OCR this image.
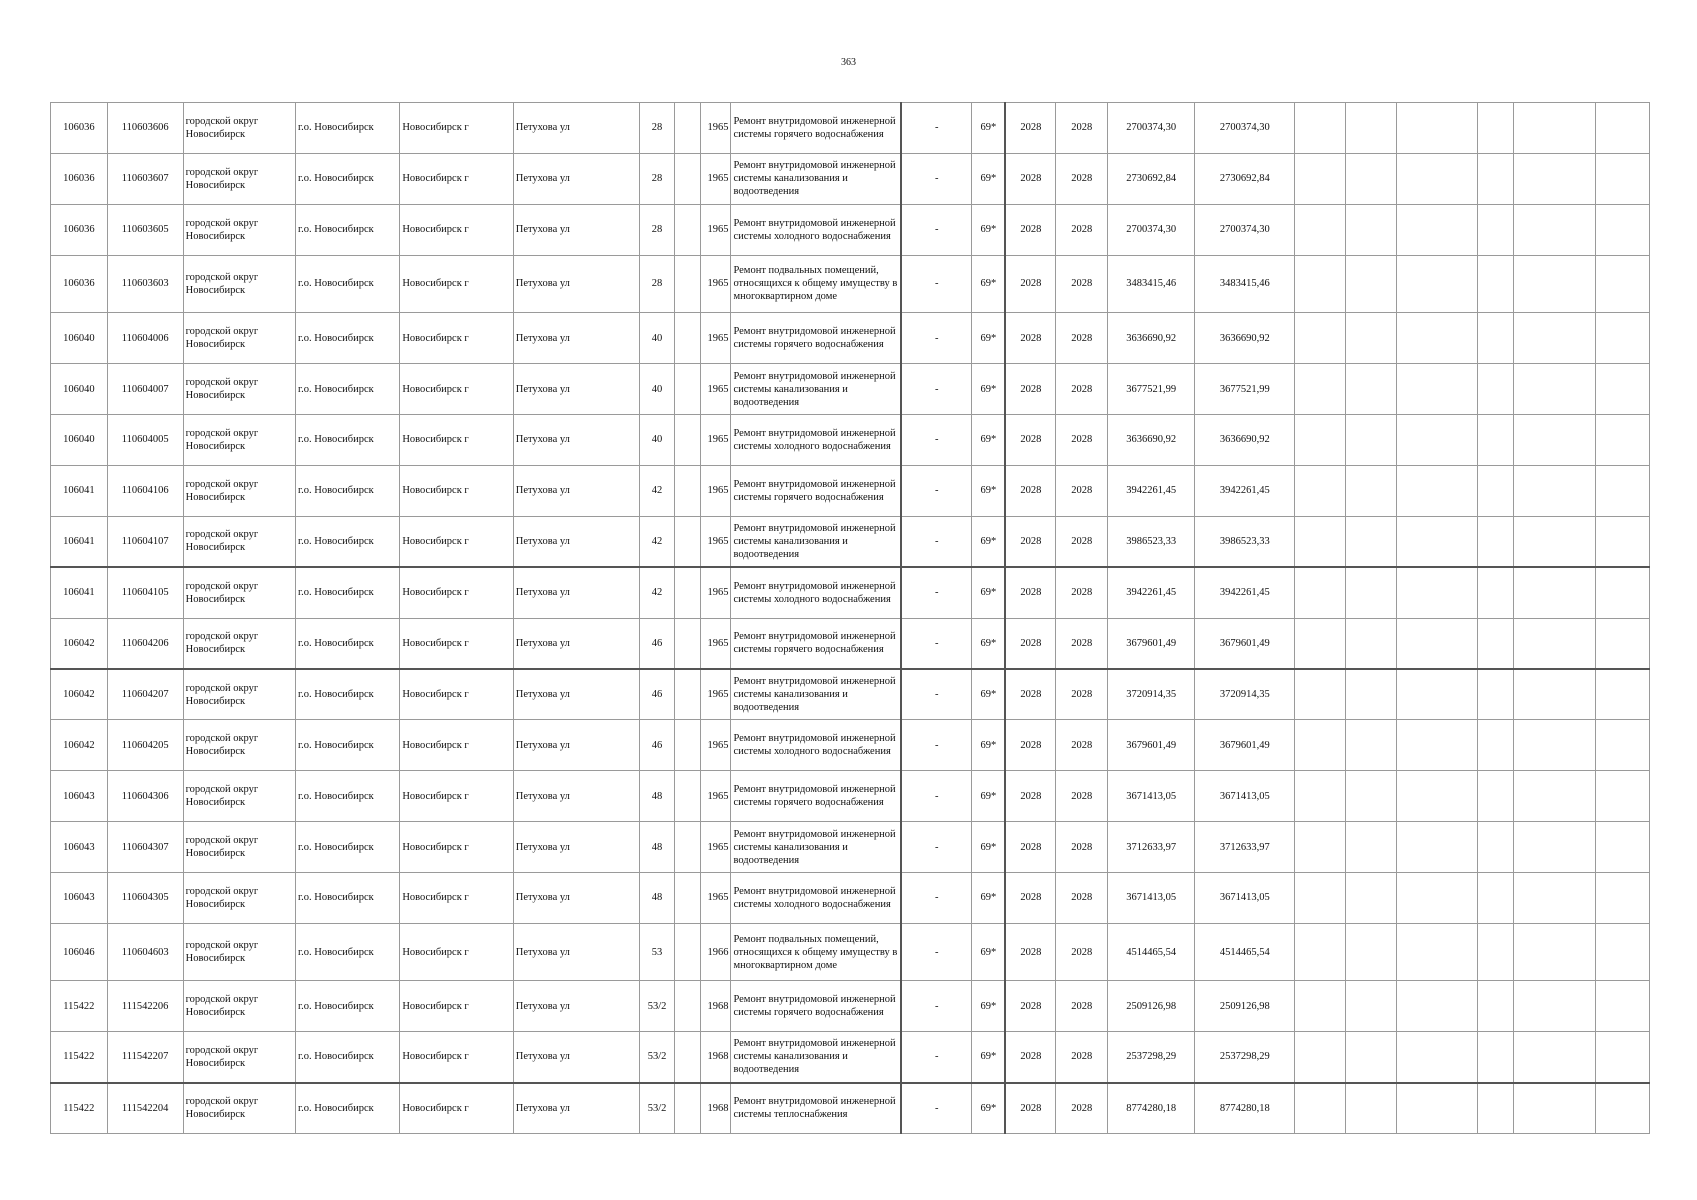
363
106036	110603606	городской округ Новосибирск	г.о. Новосибирск	Новосибирск г	Петухова ул	28		1965	Ремонт внутридомовой инженерной системы горячего водоснабжения	-	69*	2028	2028	2700374,30	2700374,30						
106036	110603607	городской округ Новосибирск	г.о. Новосибирск	Новосибирск г	Петухова ул	28		1965	Ремонт внутридомовой инженерной системы канализования и водоотведения	-	69*	2028	2028	2730692,84	2730692,84						
106036	110603605	городской округ Новосибирск	г.о. Новосибирск	Новосибирск г	Петухова ул	28		1965	Ремонт внутридомовой инженерной системы холодного водоснабжения	-	69*	2028	2028	2700374,30	2700374,30						
106036	110603603	городской округ Новосибирск	г.о. Новосибирск	Новосибирск г	Петухова ул	28		1965	Ремонт подвальных помещений, относящихся к общему имуществу в многоквартирном доме	-	69*	2028	2028	3483415,46	3483415,46						
106040	110604006	городской округ Новосибирск	г.о. Новосибирск	Новосибирск г	Петухова ул	40		1965	Ремонт внутридомовой инженерной системы горячего водоснабжения	-	69*	2028	2028	3636690,92	3636690,92						
106040	110604007	городской округ Новосибирск	г.о. Новосибирск	Новосибирск г	Петухова ул	40		1965	Ремонт внутридомовой инженерной системы канализования и водоотведения	-	69*	2028	2028	3677521,99	3677521,99						
106040	110604005	городской округ Новосибирск	г.о. Новосибирск	Новосибирск г	Петухова ул	40		1965	Ремонт внутридомовой инженерной системы холодного водоснабжения	-	69*	2028	2028	3636690,92	3636690,92						
106041	110604106	городской округ Новосибирск	г.о. Новосибирск	Новосибирск г	Петухова ул	42		1965	Ремонт внутридомовой инженерной системы горячего водоснабжения	-	69*	2028	2028	3942261,45	3942261,45						
106041	110604107	городской округ Новосибирск	г.о. Новосибирск	Новосибирск г	Петухова ул	42		1965	Ремонт внутридомовой инженерной системы канализования и водоотведения	-	69*	2028	2028	3986523,33	3986523,33						
106041	110604105	городской округ Новосибирск	г.о. Новосибирск	Новосибирск г	Петухова ул	42		1965	Ремонт внутридомовой инженерной системы холодного водоснабжения	-	69*	2028	2028	3942261,45	3942261,45						
106042	110604206	городской округ Новосибирск	г.о. Новосибирск	Новосибирск г	Петухова ул	46		1965	Ремонт внутридомовой инженерной системы горячего водоснабжения	-	69*	2028	2028	3679601,49	3679601,49						
106042	110604207	городской округ Новосибирск	г.о. Новосибирск	Новосибирск г	Петухова ул	46		1965	Ремонт внутридомовой инженерной системы канализования и водоотведения	-	69*	2028	2028	3720914,35	3720914,35						
106042	110604205	городской округ Новосибирск	г.о. Новосибирск	Новосибирск г	Петухова ул	46		1965	Ремонт внутридомовой инженерной системы холодного водоснабжения	-	69*	2028	2028	3679601,49	3679601,49						
106043	110604306	городской округ Новосибирск	г.о. Новосибирск	Новосибирск г	Петухова ул	48		1965	Ремонт внутридомовой инженерной системы горячего водоснабжения	-	69*	2028	2028	3671413,05	3671413,05						
106043	110604307	городской округ Новосибирск	г.о. Новосибирск	Новосибирск г	Петухова ул	48		1965	Ремонт внутридомовой инженерной системы канализования и водоотведения	-	69*	2028	2028	3712633,97	3712633,97						
106043	110604305	городской округ Новосибирск	г.о. Новосибирск	Новосибирск г	Петухова ул	48		1965	Ремонт внутридомовой инженерной системы холодного водоснабжения	-	69*	2028	2028	3671413,05	3671413,05						
106046	110604603	городской округ Новосибирск	г.о. Новосибирск	Новосибирск г	Петухова ул	53		1966	Ремонт подвальных помещений, относящихся к общему имуществу в многоквартирном доме	-	69*	2028	2028	4514465,54	4514465,54						
115422	111542206	городской округ Новосибирск	г.о. Новосибирск	Новосибирск г	Петухова ул	53/2		1968	Ремонт внутридомовой инженерной системы горячего водоснабжения	-	69*	2028	2028	2509126,98	2509126,98						
115422	111542207	городской округ Новосибирск	г.о. Новосибирск	Новосибирск г	Петухова ул	53/2		1968	Ремонт внутридомовой инженерной системы канализования и водоотведения	-	69*	2028	2028	2537298,29	2537298,29						
115422	111542204	городской округ Новосибирск	г.о. Новосибирск	Новосибирск г	Петухова ул	53/2		1968	Ремонт внутридомовой инженерной системы теплоснабжения	-	69*	2028	2028	8774280,18	8774280,18						
